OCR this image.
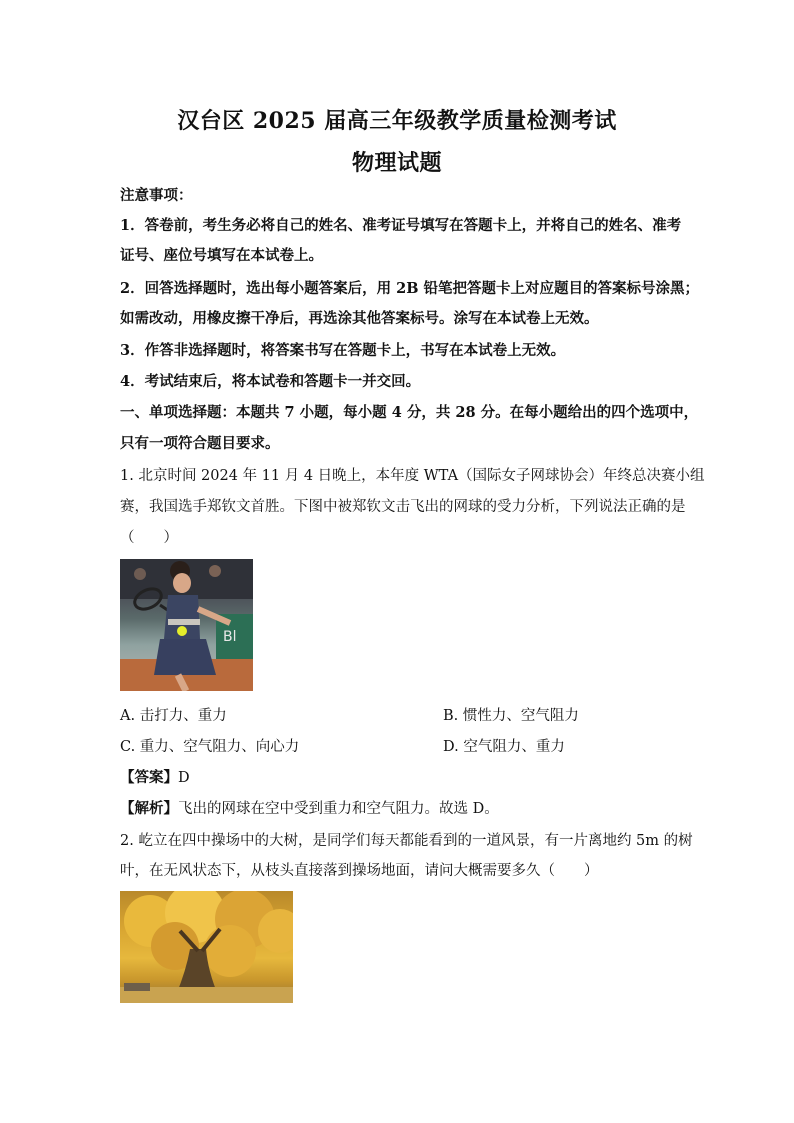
汉台区 2025 届高三年级教学质量检测考试
物理试题
注意事项：
1．答卷前，考生务必将自己的姓名、准考证号填写在答题卡上，并将自己的姓名、准考
证号、座位号填写在本试卷上。
2．回答选择题时，选出每小题答案后，用 2B 铅笔把答题卡上对应题目的答案标号涂黑；
如需改动，用橡皮擦干净后，再选涂其他答案标号。涂写在本试卷上无效。
3．作答非选择题时，将答案书写在答题卡上，书写在本试卷上无效。
4．考试结束后，将本试卷和答题卡一并交回。
一、单项选择题：本题共 7 小题，每小题 4 分，共 28 分。在每小题给出的四个选项中，
只有一项符合题目要求。
1. 北京时间 2024 年 11 月 4 日晚上，本年度 WTA（国际女子网球协会）年终总决赛小组
赛，我国选手郑钦文首胜。下图中被郑钦文击飞出的网球的受力分析，下列说法正确的是
（　　）
Bl
A. 击打力、重力	B. 惯性力、空气阻力
C. 重力、空气阻力、向心力	D. 空气阻力、重力
【答案】D
【解析】飞出的网球在空中受到重力和空气阻力。故选 D。
2. 屹立在四中操场中的大树，是同学们每天都能看到的一道风景，有一片离地约 5m 的树
叶，在无风状态下，从枝头直接落到操场地面，请问大概需要多久（　　）
